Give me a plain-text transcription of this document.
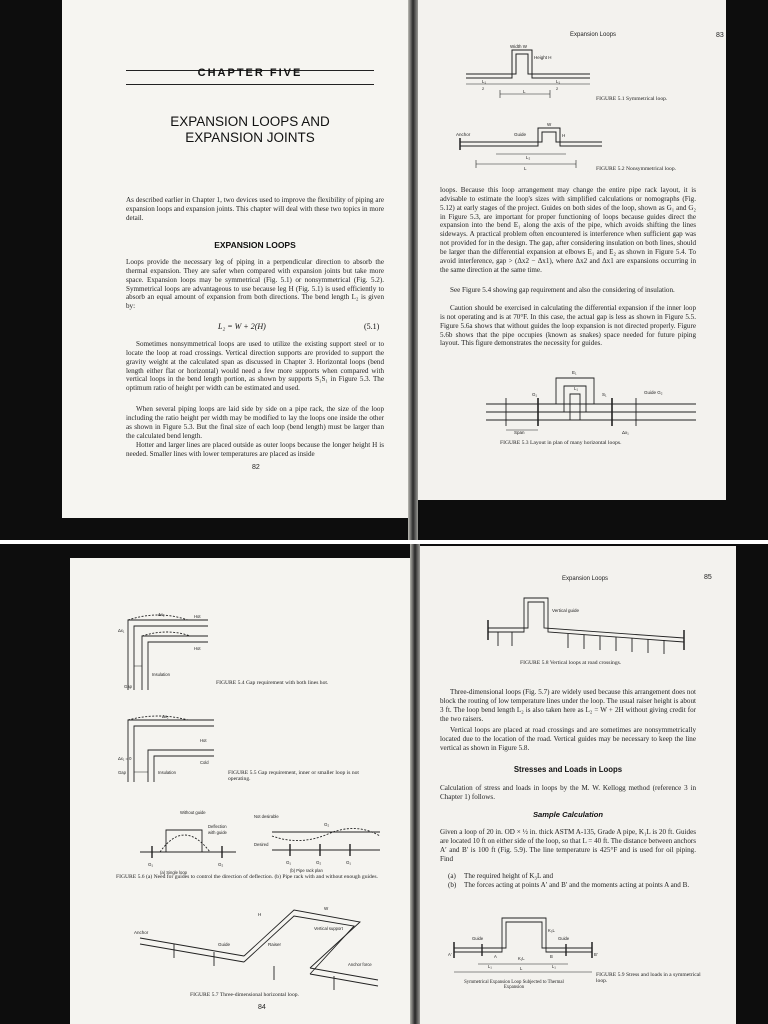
CHAPTER FIVE
EXPANSION LOOPS AND
EXPANSION JOINTS

As described earlier in Chapter 1, two devices used to improve the flexibility of piping are expansion loops and expansion joints. This chapter will deal with these two topics in more detail.

EXPANSION LOOPS

Loops provide the necessary leg of piping in a perpendicular direction to absorb the thermal expansion. They are safer when compared with expansion joints but take more space. Expansion loops may be symmetrical (Fig. 5.1) or nonsymmetrical (Fig. 5.2). Symmetrical loops are advantageous to use because leg H (Fig. 5.1) is used efficiently to absorb an equal amount of expansion from both directions. The bend length L₂ is given by:

L₂ = W + 2(H)	(5.1)

Sometimes nonsymmetrical loops are used to utilize the existing support steel or to locate the loop at road crossings. Vertical direction supports are provided to support the gravity weight at the calculated span as discussed in Chapter 3. Horizontal loops (bend length either flat or horizontal) would need a few more supports when compared with vertical loops in the bend length portion, as shown by supports S₁S₁ in Figure 5.3. The optimum ratio of height per width can be estimated and used.

When several piping loops are laid side by side on a pipe rack, the size of the loop including the ratio height per width may be modified to lay the loops one inside the other as shown in Figure 5.3. But the final size of each loop (bend length) must be larger than the calculated bend length.

Hotter and larger lines are placed outside as outer loops because the longer height H is needed. Smaller lines with lower temperatures are placed as inside

82
Expansion Loops	83
Width W
Height H
L₁	L₁
2	2
L
FIGURE 5.1 Symmetrical loop.
Anchor	Guide
W
H
L₂
L	FIGURE 5.2 Nonsymmetrical loop.

loops. Because this loop arrangement may change the entire pipe rack layout, it is advisable to estimate the loop's sizes with simplified calculations or nomographs (Fig. 5.12) at early stages of the project. Guides on both sides of the loop, shown as G₁ and G₂ in Figure 5.3, are important for proper functioning of loops because guides direct the expansion into the bend E₁ along the axis of the pipe, which avoids shifting the lines sideways. A practical problem often encountered is interference when sufficient gap was not provided for in the design. The gap, after considering insulation on both lines, should be larger than the differential expansion at elbows E₁ and E₂ as shown in Figure 5.4. To avoid interference, gap > (Δx2 − Δx1), where Δx2 and Δx1 are expansions occurring in the same direction at the same time.

See Figure 5.4 showing gap requirement and also the considering of insulation.

Caution should be exercised in calculating the differential expansion if the inner loop is not operating and is at 70°F. In this case, the actual gap is less as shown in Figure 5.5. Figure 5.6a shows that without guides the loop expansion is not directed properly. Figure 5.6b shows that the pipe occupies (known as snakes) space needed for future piping layout. This figure demonstrates the necessity for guides.

E₁
G₁
L₁
Guide G₂
S₁
Span	Δx₁
FIGURE 5.3 Layout in plan of many horizontal loops.
Δx₂
Δx₁
Hot
Hot
Insulation
Gap
FIGURE 5.4 Gap requirement with both lines hot.
Δx₂
Δx₁ = 0
Hot
Cold
Gap	Insulation	FIGURE 5.5 Gap requirement, inner or smaller loop is not operating.
Without guide
Deflection
with guide
Not desirable
Desired
G₁	G₂	G₁	G₂
G₂
G₁
(a) Single loop	(b) Pipe rack plan
FIGURE 5.6 (a) Need for guides to control the direction of deflection. (b) Pipe rack with and without enough guides.
W
H
Anchor
Guide	Raiser
Vertical support
Anchor force
FIGURE 5.7 Three-dimensional horizontal loop.
84
Expansion Loops	85
Vertical guide
FIGURE 5.8 Vertical loops at road crossings.

Three-dimensional loops (Fig. 5.7) are widely used because this arrangement does not block the routing of low temperature lines under the loop. The usual raiser height is about 3 ft. The loop bend length L₂ is also taken here as L₂ = W + 2H without giving credit for the two raisers.

Vertical loops are placed at road crossings and are sometimes are nonsymmetrically located due to the location of the road. Vertical guides may be necessary to keep the line vertical as shown in Figure 5.8.

Stresses and Loads in Loops

Calculation of stress and loads in loops by the M. W. Kellogg method (reference 3 in Chapter 1) follows.

Sample Calculation

Given a loop of 20 in. OD × ½ in. thick ASTM A-135, Grade A pipe, K₁L is 20 ft. Guides are located 10 ft on either side of the loop, so that L = 40 ft. The distance between anchors A′ and B′ is 100 ft (Fig. 5.9). The line temperature is 425°F and is used for oil piping. Find

(a) The required height of K₃L and
(b) The forces acting at points A′ and B′ and the moments acting at points A and B.
Guide	Guide
K₃L
K₁L
L
A′	B′
A	B
L₁	L₁
Symmetrical Expansion Loop Subjected to Thermal Expansion
FIGURE 5.9 Stress and loads in a symmetrical loop.
